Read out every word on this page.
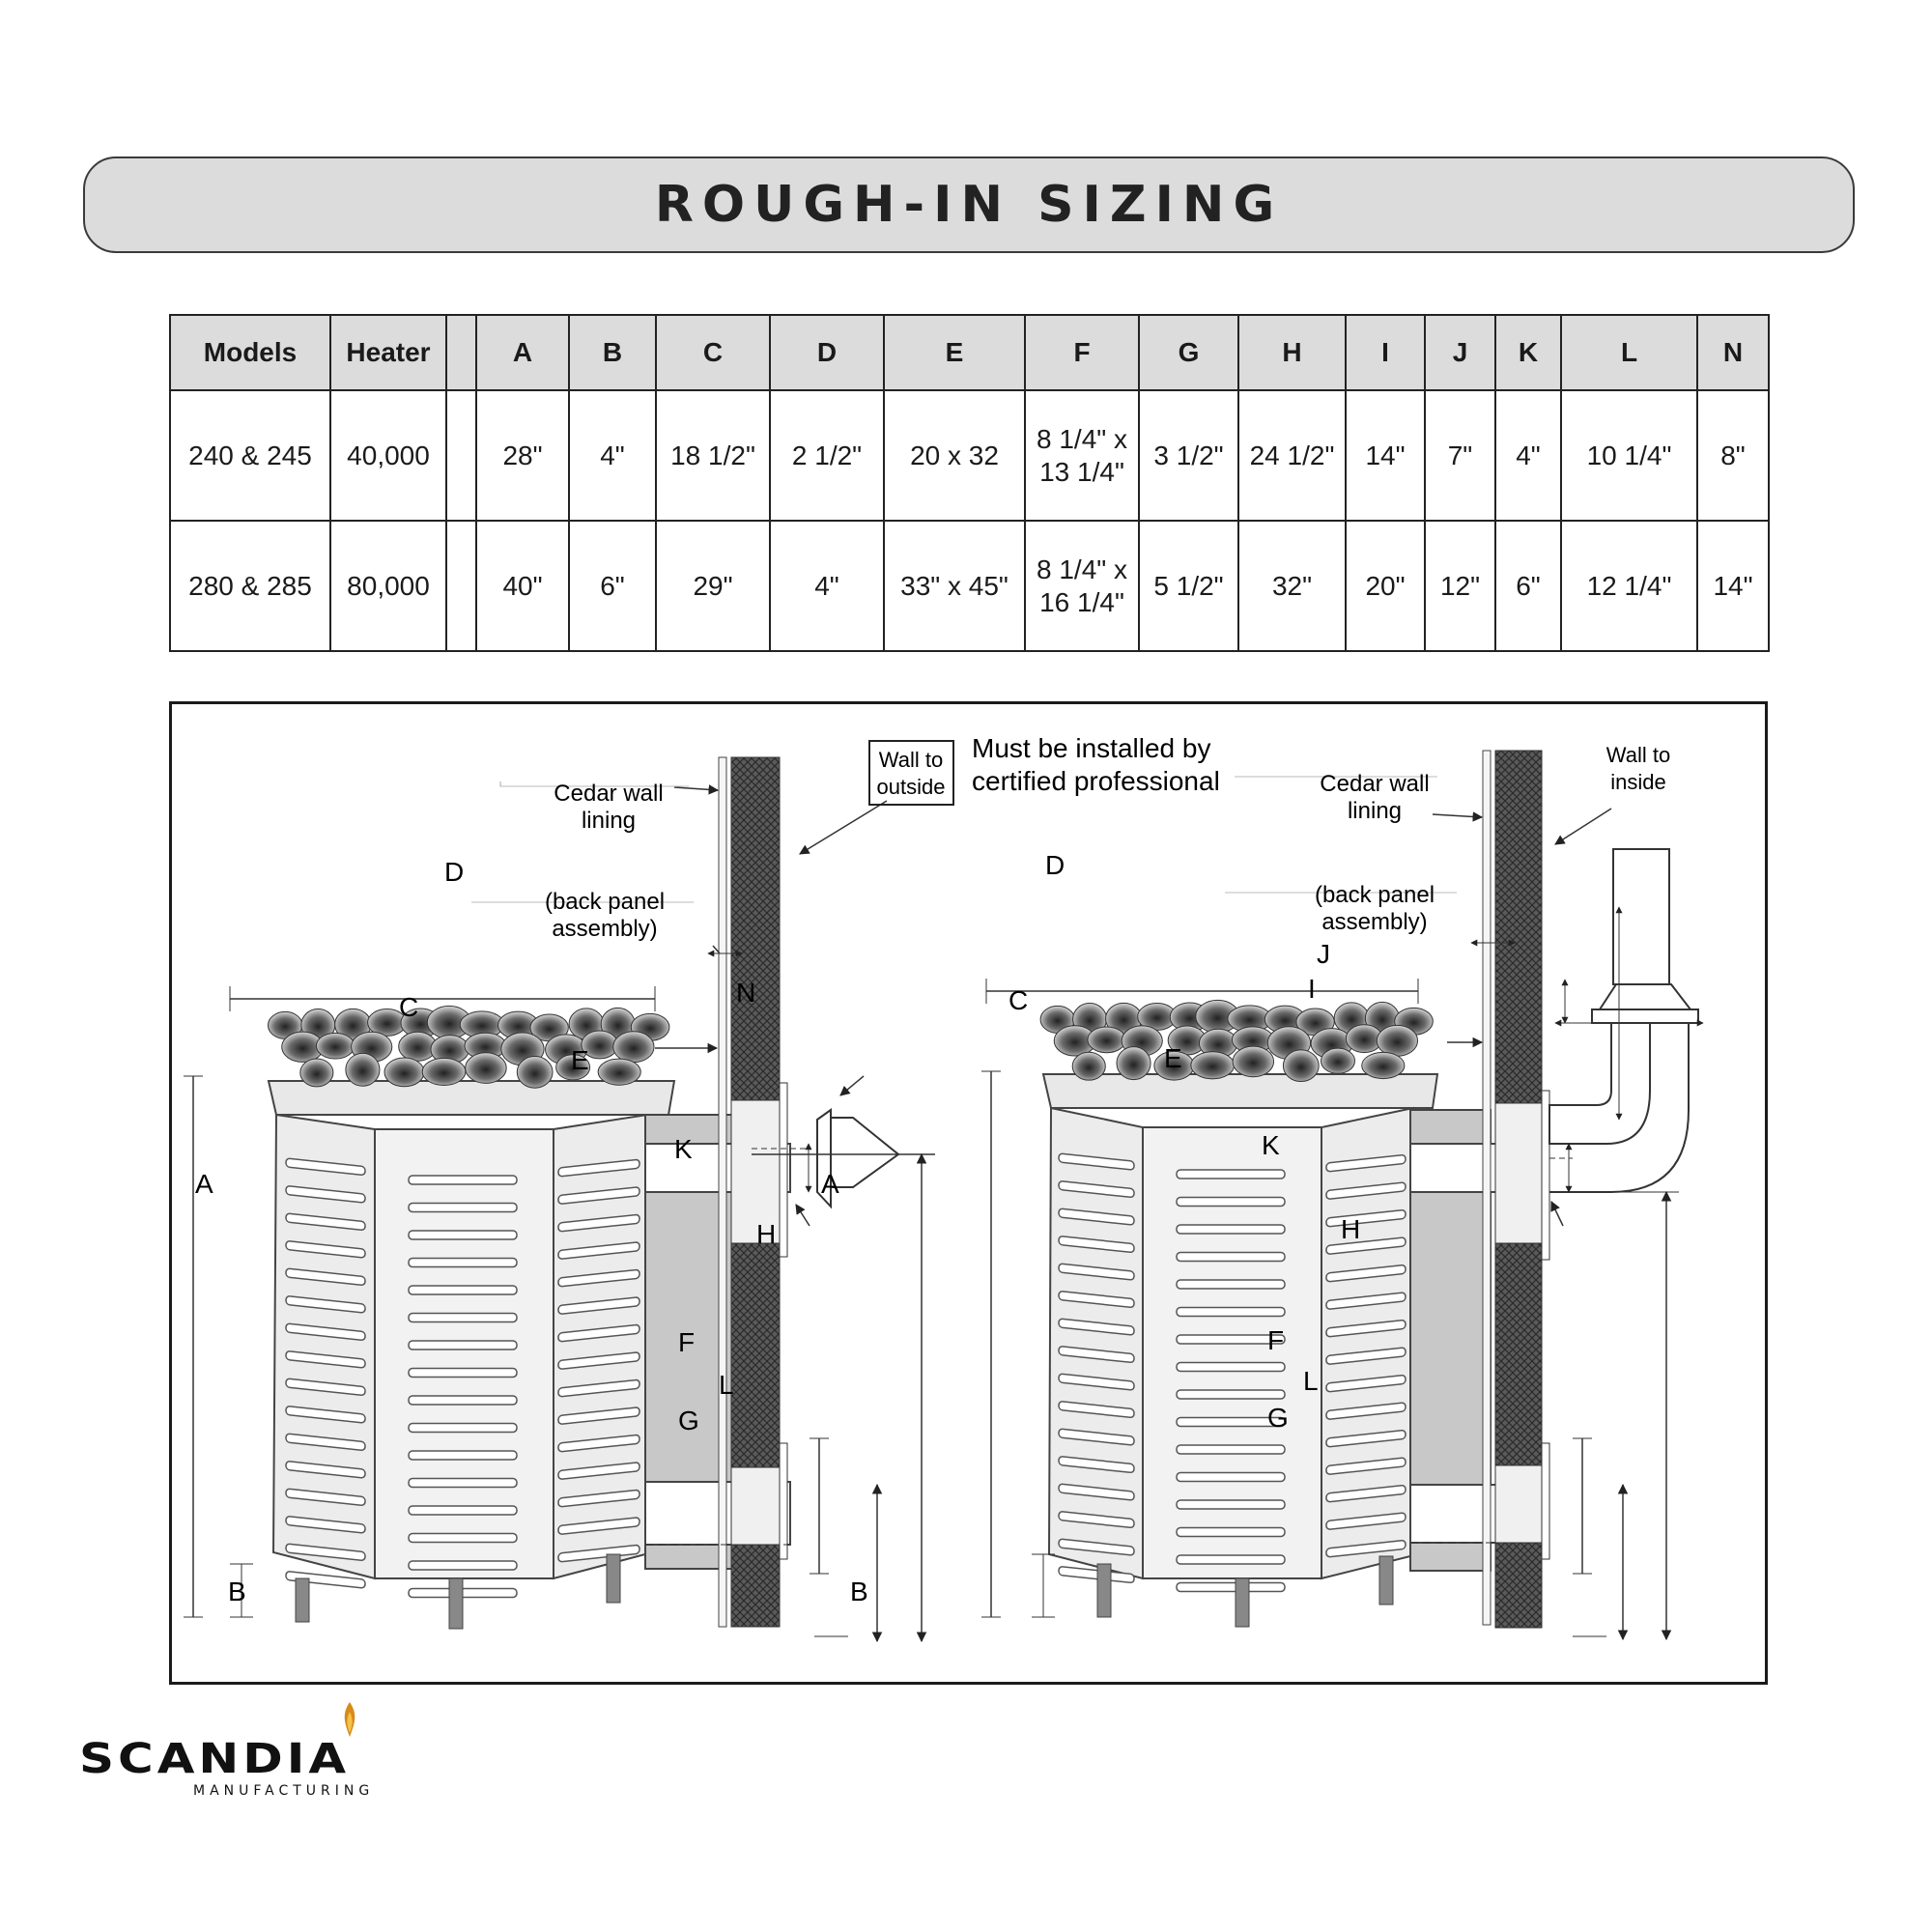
ROUGH-IN SIZING
Models	Heater		A	B	C	D	E	F	G	H	I	J	K	L	N
240 & 245	40,000		28"	4"	18 1/2"	2 1/2"	20 x 32	8 1/4" x
13 1/4"	3 1/2"	24 1/2"	14"	7"	4"	10 1/4"	8"
280 & 285	80,000		40"	6"	29"	4"	33" x 45"	8 1/4" x
16 1/4"	5 1/2"	32"	20"	12"	6"	12 1/4"	14"
Cedar wall lining
(back panel assembly)
Wall to outside
Must be installed by certified professional	Cedar wall lining
(back panel assembly)
Wall to inside
A
B
C
D
E
F
G
H
K
L
N
A
B
C
D
E
F
G
H
I
J
K
L
SCANDIA
MANUFACTURING
